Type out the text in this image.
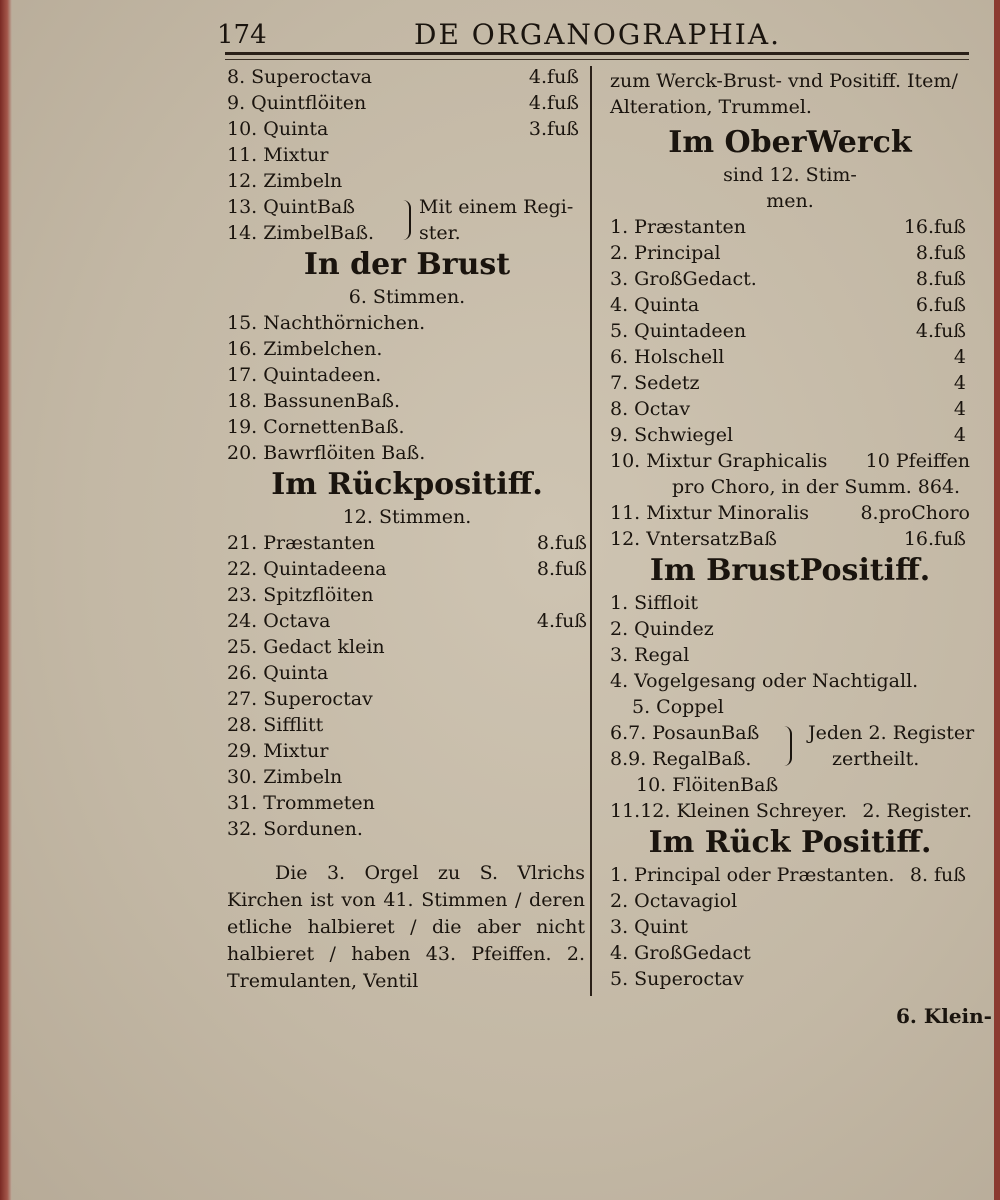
174	DE ORGANOGRAPHIA.
8. Superoctava	4.fuß
9. Quintflöiten	4.fuß
10. Quinta	3.fuß
11. Mixtur
12. Zimbeln
13. QuintBaß	Mit einem Regi-
14. ZimbelBaß. ster.
In der Brust
6. Stimmen.
15. Nachthörnichen.
16. Zimbelchen.
17. Quintadeen.
18. BassunenBaß.
19. CornettenBaß.
20. Bawrflöiten Baß.
Im Rückpositiff.
12. Stimmen.
21. Præstanten	8.fuß
22. Quintadeena	8.fuß
23. Spitzflöiten
24. Octava	4.fuß
25. Gedact klein
26. Quinta
27. Superoctav
28. Sifflitt
29. Mixtur
30. Zimbeln
31. Trommeten
32. Sordunen.
Die 3. Orgel zu S. Vlrichs Kirchen ist von 41. Stimmen / deren etliche halbieret / die aber nicht halbieret / haben 43. Pfeiffen. 2. Tremulanten, Ventil
zum Werck-Brust- vnd Positiff. Item/
Alteration, Trummel.
Im OberWerck
sind 12. Stim-
men.
1. Præstanten	16.fuß
2. Principal	8.fuß
3. GroßGedact.	8.fuß
4. Quinta	6.fuß
5. Quintadeen	4.fuß
6. Holschell	4
7. Sedetz	4
8. Octav	4
9. Schwiegel	4
10. Mixtur Graphicalis 10 Pfeiffen
pro Choro, in der Summ. 864.
11. Mixtur Minoralis	8.proChoro
12. VntersatzBaß	16.fuß
Im BrustPositiff.
1. Siffloit
2. Quindez
3. Regal
4. Vogelgesang oder Nachtigall.
5. Coppel
6.7. PosaunBaß	Jeden 2. Register
8.9. RegalBaß.	zertheilt.
10. FlöitenBaß
11.12. Kleinen Schreyer. 2. Register.
Im Rück Positiff.
1. Principal oder Præstanten. 8. fuß
2. Octavagiol
3. Quint
4. GroßGedact
5. Superoctav
6. Klein-
